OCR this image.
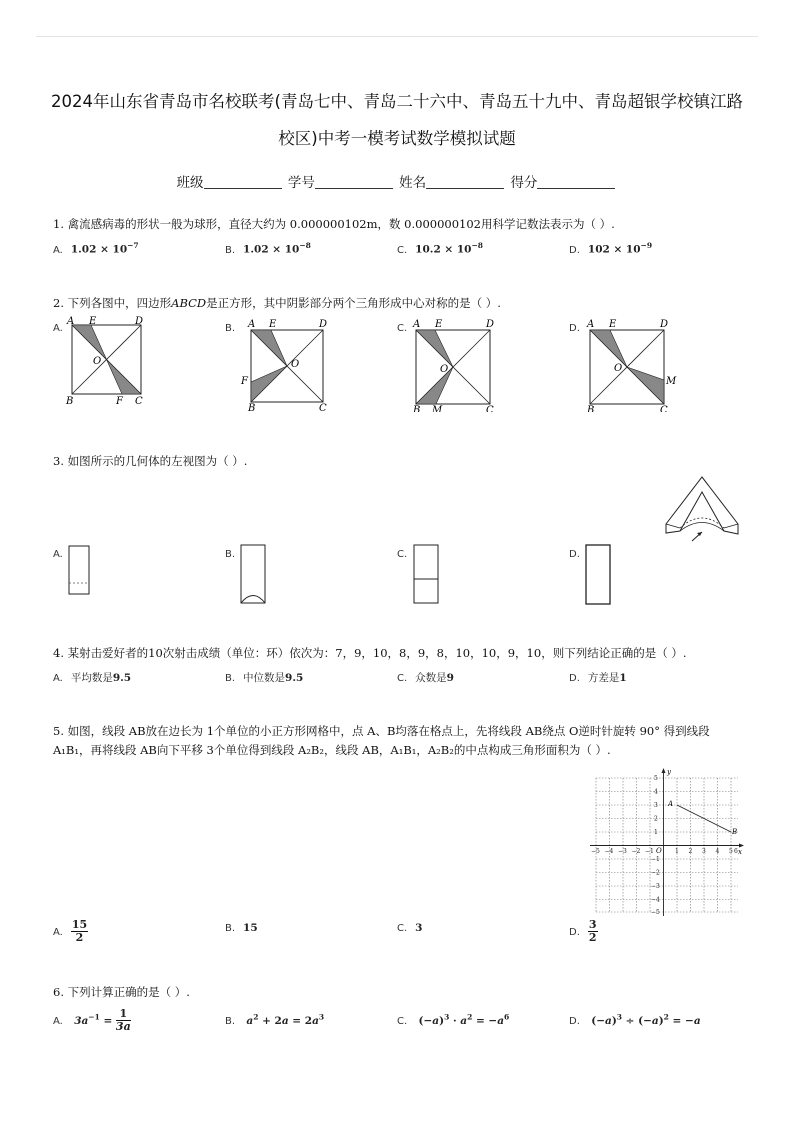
2024年山东省青岛市名校联考(青岛七中、青岛二十六中、青岛五十九中、青岛超银学校镇江路
校区)中考一模考试数学模拟试题
班级	学号	姓名	得分
1. 禽流感病毒的形状一般为球形，直径大约为 0.000000102m，数 0.000000102用科学记数法表示为（ ）.
A. $1.02 \times 10^{-7}$	B. $1.02 \times 10^{-8}$	C. $10.2 \times 10^{-8}$	D. $102 \times 10^{-9}$
2. 下列各图中，四边形ABCD是正方形，其中阴影部分两个三角形成中心对称的是（ ）.
A.
A E	D
O
B	F C
B.	A E	D
O
F
B	C
C. A E	D
O
B M	C
D. A E	D
O
M
B	C
3. 如图所示的几何体的左视图为（ ）.
A.	B.	C.	D.
4. 某射击爱好者的10次射击成绩（单位：环）依次为：7，9，10，8，9，8，10，10，9，10，则下列结论正确的是（ ）.
A. 平均数是9.5	B. 中位数是9.5	C. 众数是9	D. 方差是1
5. 如图，线段 AB放在边长为 1个单位的小正方形网格中，点 A、B均落在格点上，先将线段 AB绕点 O逆时针旋转 90° 得到线段
A₁B₁，再将线段 AB向下平移 3个单位得到线段 A₂B₂，线段 AB，A₁B₁，A₂B₂的中点构成三角形面积为（ ）.
x
y
O
−5 −4 −3 −2 −1	1 2 3 4 5 6
5
4
3
2
1
−1
−2
−3
−4
−5
A
B
A. $\frac{15}{2}$	B. 15	C. 3	D. $\frac{3}{2}$
6. 下列计算正确的是（ ）.
A. $3a^{-1} = \frac{1}{3a}$	B. $a^2 + 2a = 2a^3$	C. $(-a)^3 \cdot a^2 = -a^6$	D. $(-a)^3 \div (-a)^2 = -a$
